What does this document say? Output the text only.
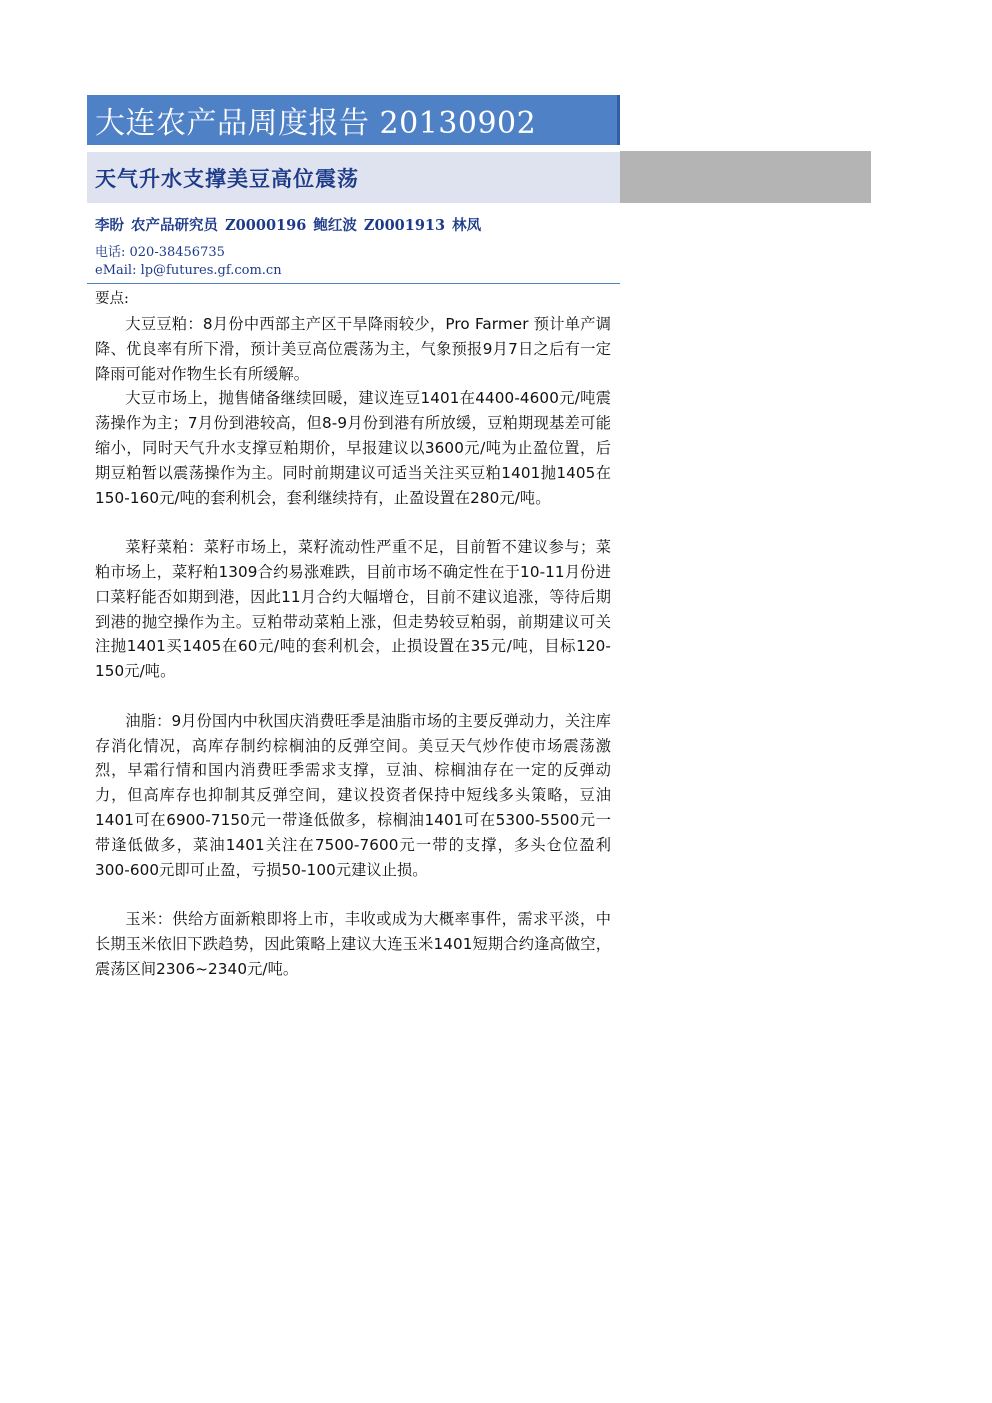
大连农产品周度报告 20130902
天气升水支撑美豆高位震荡
李盼 农产品研究员 Z0000196 鲍红波 Z0001913 林凤
电话: 020-38456735
eMail: lp@futures.gf.com.cn
要点:

大豆豆粕：8月份中西部主产区干旱降雨较少，Pro Farmer 预计单产调降、优良率有所下滑，预计美豆高位震荡为主，气象预报9月7日之后有一定降雨可能对作物生长有所缓解。

大豆市场上，抛售储备继续回暖，建议连豆1401在4400-4600元/吨震荡操作为主；7月份到港较高，但8-9月份到港有所放缓，豆粕期现基差可能缩小，同时天气升水支撑豆粕期价，早报建议以3600元/吨为止盈位置，后期豆粕暂以震荡操作为主。同时前期建议可适当关注买豆粕1401抛1405在150-160元/吨的套利机会，套利继续持有，止盈设置在280元/吨。

菜籽菜粕：菜籽市场上，菜籽流动性严重不足，目前暂不建议参与；菜粕市场上，菜籽粕1309合约易涨难跌，目前市场不确定性在于10-11月份进口菜籽能否如期到港，因此11月合约大幅增仓，目前不建议追涨，等待后期到港的抛空操作为主。豆粕带动菜粕上涨，但走势较豆粕弱，前期建议可关注抛1401买1405在60元/吨的套利机会，止损设置在35元/吨，目标120-150元/吨。

油脂：9月份国内中秋国庆消费旺季是油脂市场的主要反弹动力，关注库存消化情况，高库存制约棕榈油的反弹空间。美豆天气炒作使市场震荡激烈，早霜行情和国内消费旺季需求支撑，豆油、棕榈油存在一定的反弹动力，但高库存也抑制其反弹空间，建议投资者保持中短线多头策略，豆油1401可在6900-7150元一带逢低做多，棕榈油1401可在5300-5500元一带逢低做多，菜油1401关注在7500-7600元一带的支撑，多头仓位盈利300-600元即可止盈，亏损50-100元建议止损。

玉米：供给方面新粮即将上市，丰收或成为大概率事件，需求平淡，中长期玉米依旧下跌趋势，因此策略上建议大连玉米1401短期合约逢高做空，震荡区间2306~2340元/吨。
